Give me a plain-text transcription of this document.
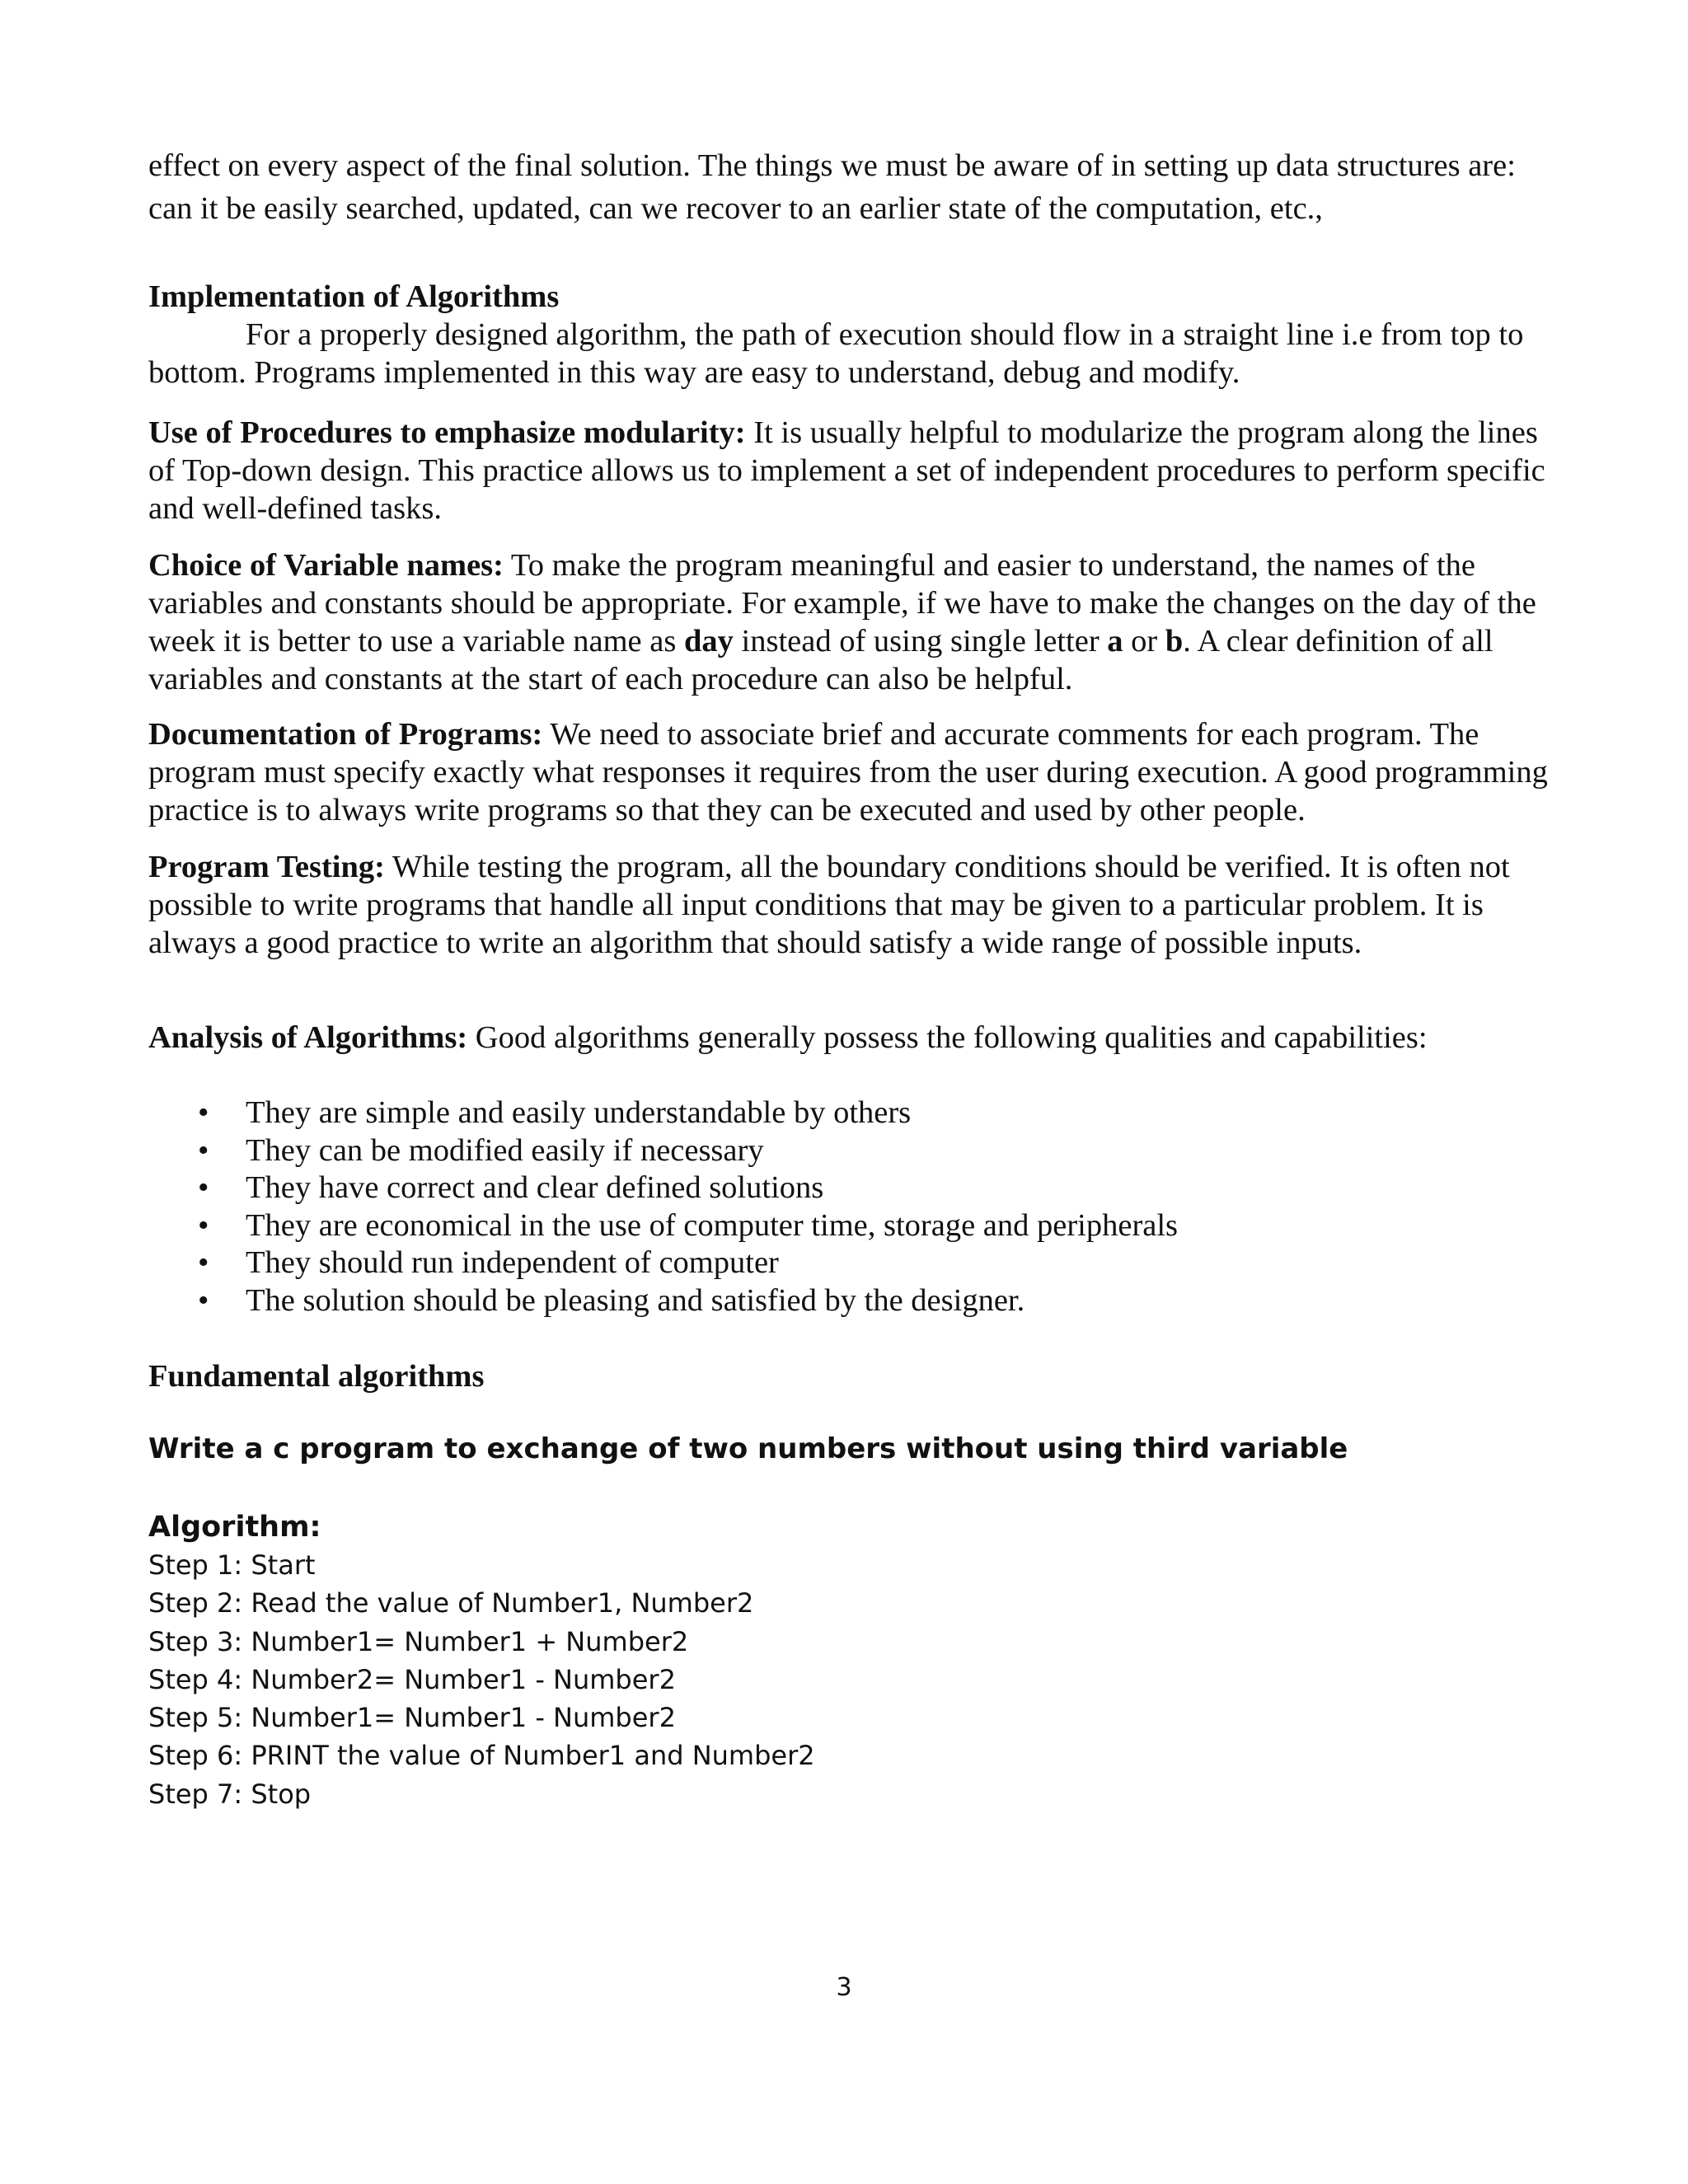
effect on every aspect of the final solution. The things we must be aware of in setting up data structures are:

can it be easily searched, updated, can we recover to an earlier state of the computation, etc.,

Implementation of Algorithms

For a properly designed algorithm, the path of execution should flow in a straight line i.e from top to bottom. Programs implemented in this way are easy to understand, debug and modify.

Use of Procedures to emphasize modularity: It is usually helpful to modularize the program along the lines of Top-down design. This practice allows us to implement a set of independent procedures to perform specific and well-defined tasks.

Choice of Variable names: To make the program meaningful and easier to understand, the names of the variables and constants should be appropriate. For example, if we have to make the changes on the day of the week it is better to use a variable name as day instead of using single letter a or b. A clear definition of all variables and constants at the start of each procedure can also be helpful.

Documentation of Programs: We need to associate brief and accurate comments for each program. The program must specify exactly what responses it requires from the user during execution. A good programming practice is to always write programs so that they can be executed and used by other people.

Program Testing: While testing the program, all the boundary conditions should be verified. It is often not possible to write programs that handle all input conditions that may be given to a particular problem. It is always a good practice to write an algorithm that should satisfy a wide range of possible inputs.

Analysis of Algorithms: Good algorithms generally possess the following qualities and capabilities:

• They are simple and easily understandable by others
• They can be modified easily if necessary
• They have correct and clear defined solutions
• They are economical in the use of computer time, storage and peripherals
• They should run independent of computer
• The solution should be pleasing and satisfied by the designer.

Fundamental algorithms

Write a c program to exchange of two numbers without using third variable
Algorithm:
Step 1: Start
Step 2: Read the value of Number1, Number2
Step 3: Number1= Number1 + Number2
Step 4: Number2= Number1 - Number2
Step 5: Number1= Number1 - Number2
Step 6: PRINT the value of Number1 and Number2
Step 7: Stop
3
